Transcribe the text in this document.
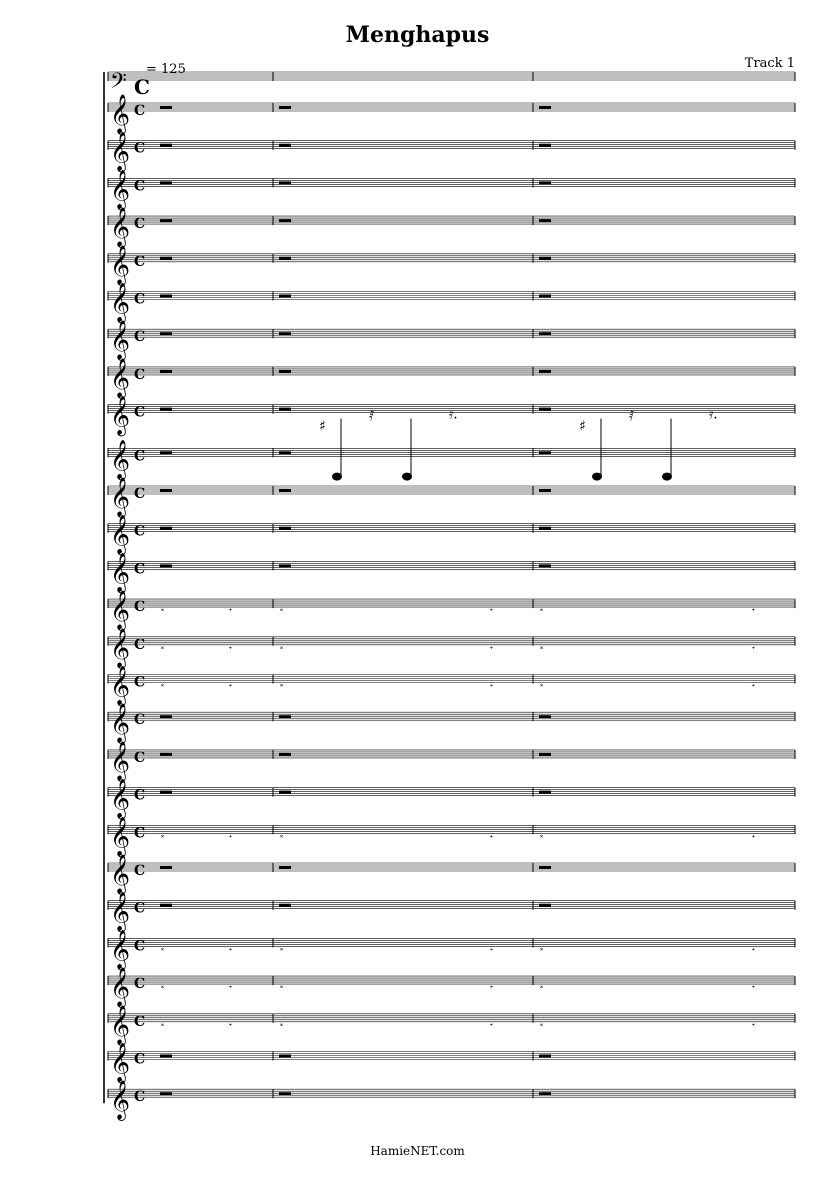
Menghapus
Track 1
= 125
𝄢 C
𝄞 C
𝄞 C
𝄞 C
𝄞 C
𝄞 C
𝄞 C
𝄞 C
𝄞 C
𝄞 C
♯
𝅀	𝄿.
♯
𝅀	𝄿.
𝄞 C
𝄞 C
𝄞 C
𝄞 C
𝄞 C 𝅃	𝅄	𝅃	𝅄	𝅃	𝅄
𝄞 C 𝅃	𝅄	𝅃	𝅄	𝅃	𝅄
𝄞 C 𝅃	𝅄	𝅃	𝅄	𝅃	𝅄
𝄞 C
𝄞 C
𝄞 C
𝄞 C 𝅃	𝅄	𝅃	𝅄	𝅃	𝅄
𝄞 C
𝄞 C
𝄞 C 𝅃	𝅄	𝅃	𝅄	𝅃	𝅄
𝄞 C 𝅃	𝅄	𝅃	𝅄	𝅃	𝅄
𝄞 C 𝅃	𝅄	𝅃	𝅄	𝅃	𝅄
𝄞 C
𝄞 C
HamieNET.com
